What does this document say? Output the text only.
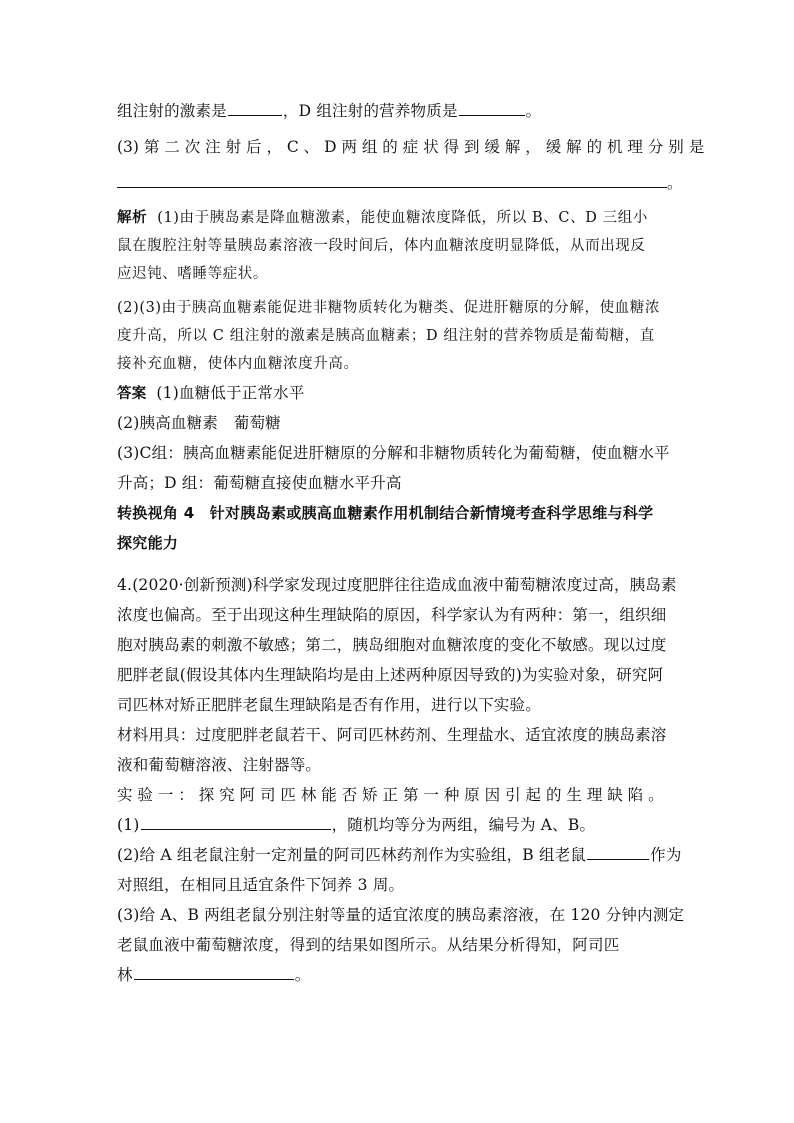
组注射的激素是	，D 组注射的营养物质是	。
(3) 第 二 次 注 射 后 ， C 、 D 两 组 的 症 状 得 到 缓 解 ， 缓 解 的 机 理 分 别 是
。
解析 (1)由于胰岛素是降血糖激素，能使血糖浓度降低，所以 B、C、D 三组小
鼠在腹腔注射等量胰岛素溶液一段时间后，体内血糖浓度明显降低，从而出现反
应迟钝、嗜睡等症状。
(2)(3)由于胰高血糖素能促进非糖物质转化为糖类、促进肝糖原的分解，使血糖浓
度升高，所以 C 组注射的激素是胰高血糖素；D 组注射的营养物质是葡萄糖，直
接补充血糖，使体内血糖浓度升高。
答案 (1)血糖低于正常水平
(2)胰高血糖素　葡萄糖
(3)C组：胰高血糖素能促进肝糖原的分解和非糖物质转化为葡萄糖，使血糖水平
升高；D 组：葡萄糖直接使血糖水平升高
转换视角 4　针对胰岛素或胰高血糖素作用机制结合新情境考查科学思维与科学
探究能力
4.(2020·创新预测)科学家发现过度肥胖往往造成血液中葡萄糖浓度过高，胰岛素
浓度也偏高。至于出现这种生理缺陷的原因，科学家认为有两种：第一，组织细
胞对胰岛素的刺激不敏感；第二，胰岛细胞对血糖浓度的变化不敏感。现以过度
肥胖老鼠(假设其体内生理缺陷均是由上述两种原因导致的)为实验对象，研究阿
司匹林对矫正肥胖老鼠生理缺陷是否有作用，进行以下实验。
材料用具：过度肥胖老鼠若干、阿司匹林药剂、生理盐水、适宜浓度的胰岛素溶
液和葡萄糖溶液、注射器等。
实 验 一 ： 探 究 阿 司 匹 林 能 否 矫 正 第 一 种 原 因 引 起 的 生 理 缺 陷 。
(1)	，随机均等分为两组，编号为 A、B。
(2)给 A 组老鼠注射一定剂量的阿司匹林药剂作为实验组，B 组老鼠	作为
对照组，在相同且适宜条件下饲养 3 周。
(3)给 A、B 两组老鼠分别注射等量的适宜浓度的胰岛素溶液，在 120 分钟内测定
老鼠血液中葡萄糖浓度，得到的结果如图所示。从结果分析得知，阿司匹
林	。
